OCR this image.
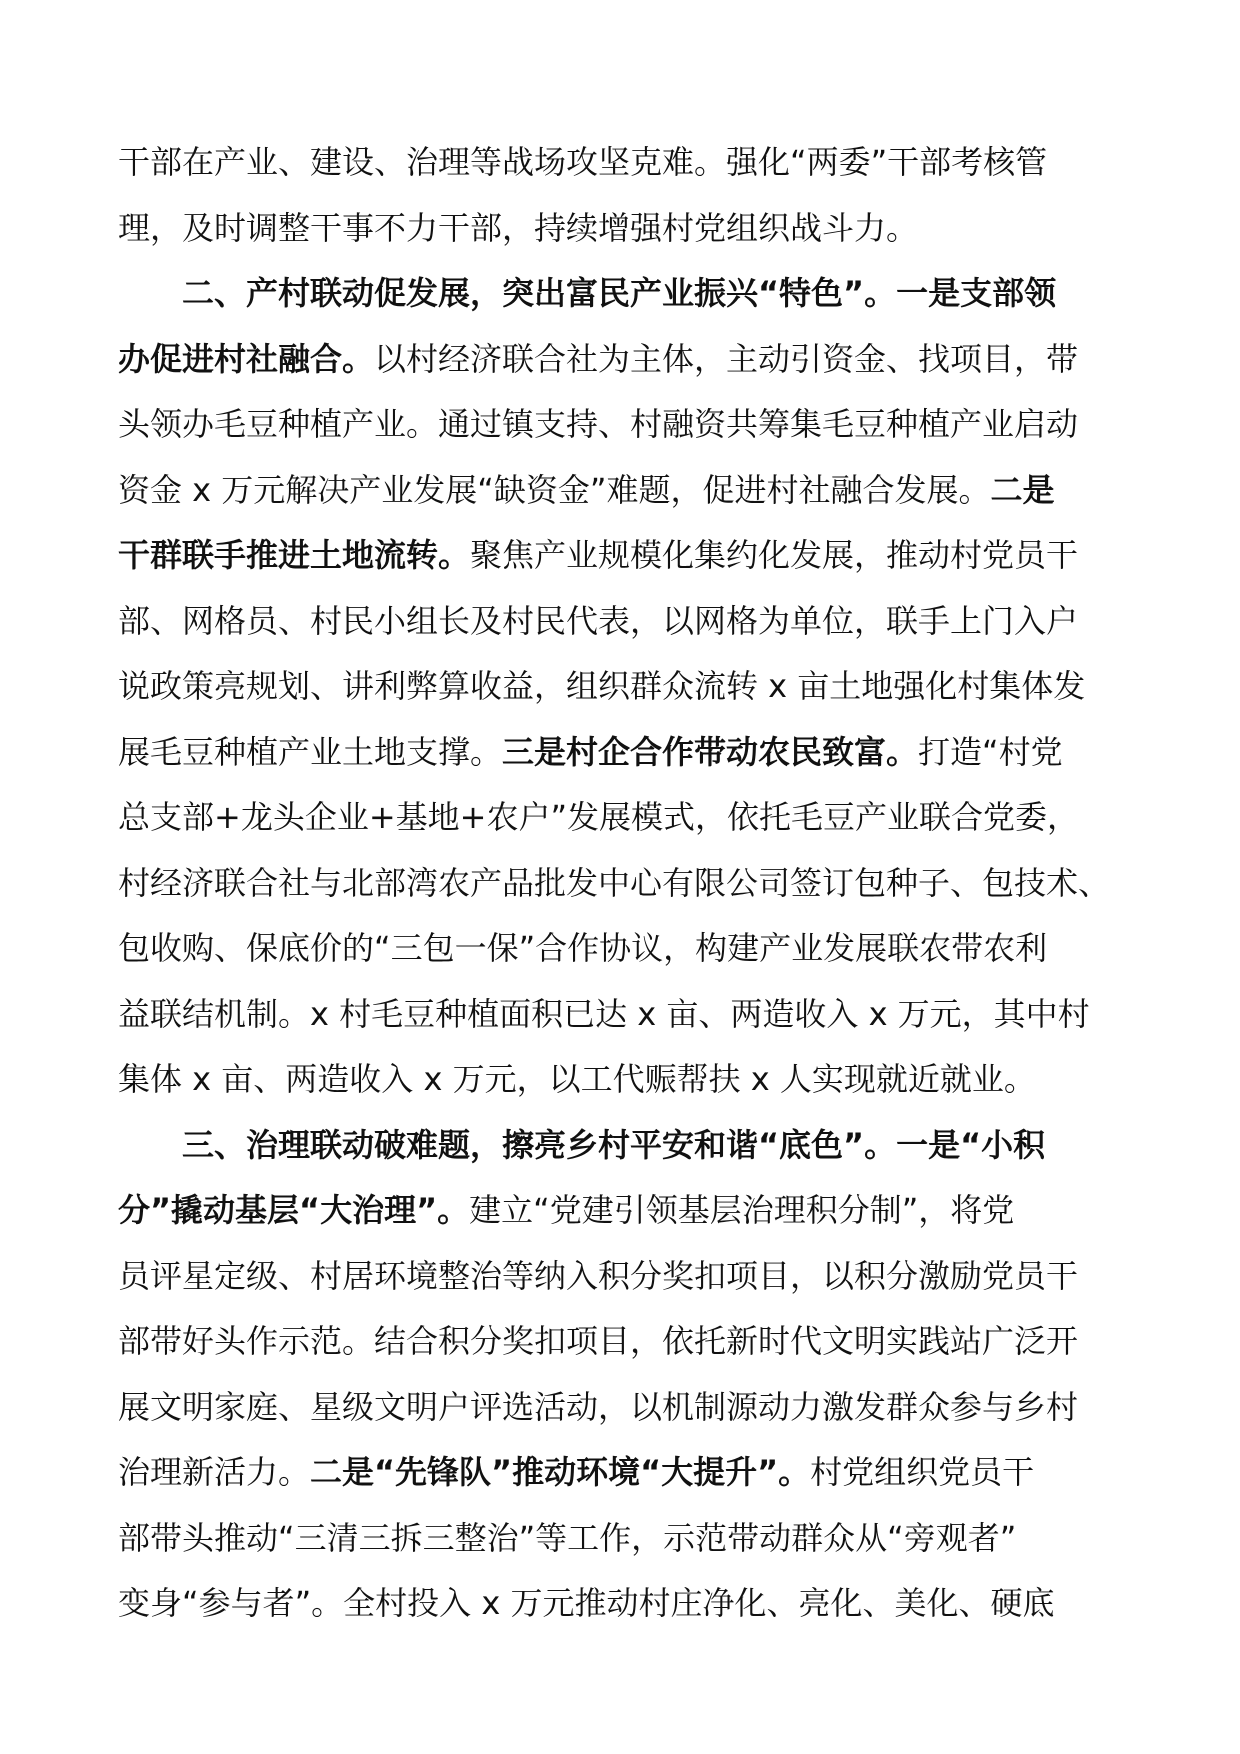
干部在产业、建设、治理等战场攻坚克难。强化“两委”干部考核管
理，及时调整干事不力干部，持续增强村党组织战斗力。
二、产村联动促发展，突出富民产业振兴“特色”。一是支部领
办促进村社融合。以村经济联合社为主体，主动引资金、找项目，带
头领办毛豆种植产业。通过镇支持、村融资共筹集毛豆种植产业启动
资金 x 万元解决产业发展“缺资金”难题，促进村社融合发展。二是
干群联手推进土地流转。聚焦产业规模化集约化发展，推动村党员干
部、网格员、村民小组长及村民代表，以网格为单位，联手上门入户
说政策亮规划、讲利弊算收益，组织群众流转 x 亩土地强化村集体发
展毛豆种植产业土地支撑。三是村企合作带动农民致富。打造“村党
总支部+龙头企业+基地+农户”发展模式，依托毛豆产业联合党委，
村经济联合社与北部湾农产品批发中心有限公司签订包种子、包技术、
包收购、保底价的“三包一保”合作协议，构建产业发展联农带农利
益联结机制。x 村毛豆种植面积已达 x 亩、两造收入 x 万元，其中村
集体 x 亩、两造收入 x 万元，以工代赈帮扶 x 人实现就近就业。
三、治理联动破难题，擦亮乡村平安和谐“底色”。一是“小积
分”撬动基层“大治理”。建立“党建引领基层治理积分制”，将党
员评星定级、村居环境整治等纳入积分奖扣项目，以积分激励党员干
部带好头作示范。结合积分奖扣项目，依托新时代文明实践站广泛开
展文明家庭、星级文明户评选活动，以机制源动力激发群众参与乡村
治理新活力。二是“先锋队”推动环境“大提升”。村党组织党员干
部带头推动“三清三拆三整治”等工作，示范带动群众从“旁观者”
变身“参与者”。全村投入 x 万元推动村庄净化、亮化、美化、硬底
